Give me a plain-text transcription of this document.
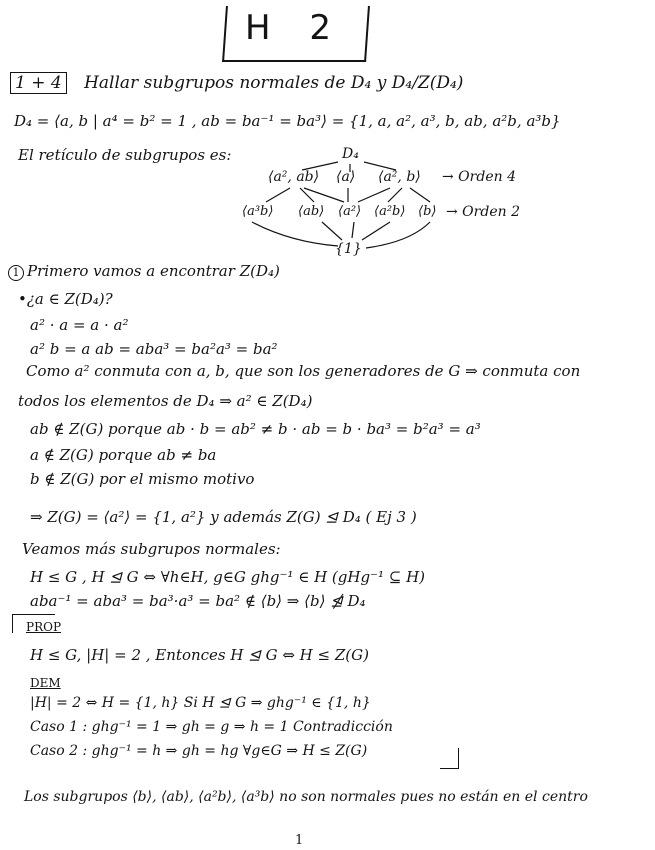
H 2
1 + 4 Hallar subgrupos normales de D₄ y D₄/Z(D₄)
D₄ = ⟨a, b | a⁴ = b² = 1 , ab = ba⁻¹ = ba³⟩ = {1, a, a², a³, b, ab, a²b, a³b}
El retículo de subgrupos es:	D₄
⟨a², ab⟩ ⟨a⟩ ⟨a², b⟩ → Orden 4
⟨a³b⟩ ⟨ab⟩ ⟨a²⟩ ⟨a²b⟩ ⟨b⟩ → Orden 2
{1}
1 Primero vamos a encontrar Z(D₄)
•¿a ∈ Z(D₄)?
a² · a = a · a²
a² b = a ab = aba³ = ba²a³ = ba²
Como a² conmuta con a, b, que son los generadores de G ⇒ conmuta con
todos los elementos de D₄ ⇒ a² ∈ Z(D₄)
ab ∉ Z(G) porque ab · b = ab² ≠ b · ab = b · ba³ = b²a³ = a³
a ∉ Z(G) porque ab ≠ ba
b ∉ Z(G) por el mismo motivo
⇒ Z(G) = ⟨a²⟩ = {1, a²} y además Z(G) ⊴ D₄ ( Ej 3 )
Veamos más subgrupos normales:
H ≤ G , H ⊴ G ⇔ ∀h∈H, g∈G ghg⁻¹ ∈ H (gHg⁻¹ ⊆ H)
aba⁻¹ = aba³ = ba³·a³ = ba² ∉ ⟨b⟩ ⇒ ⟨b⟩ ⋬ D₄
PROP
H ≤ G, |H| = 2 , Entonces H ⊴ G ⇔ H ≤ Z(G)
DEM
|H| = 2 ⇔ H = {1, h} Si H ⊴ G ⇒ ghg⁻¹ ∈ {1, h}
Caso 1 : ghg⁻¹ = 1 ⇒ gh = g ⇒ h = 1 Contradicción
Caso 2 : ghg⁻¹ = h ⇒ gh = hg ∀g∈G ⇒ H ≤ Z(G)
Los subgrupos ⟨b⟩, ⟨ab⟩, ⟨a²b⟩, ⟨a³b⟩ no son normales pues no están en el centro
1
